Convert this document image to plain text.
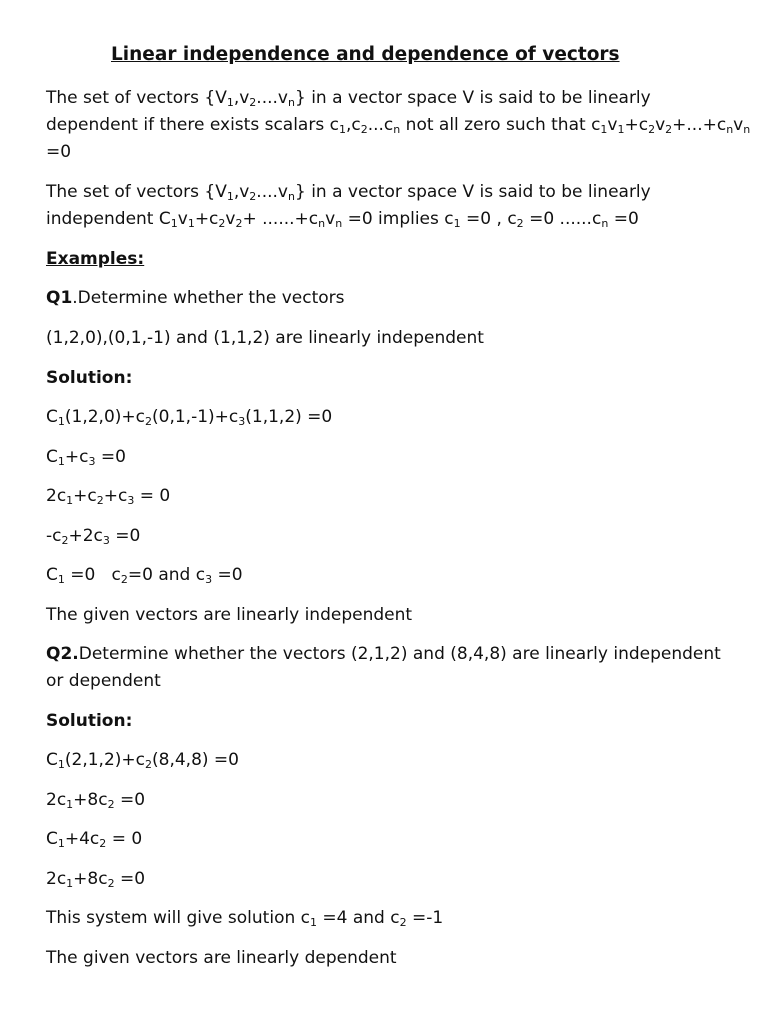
Linear independence and dependence of vectors
The set of vectors $\{V_1,v_2....v_n\}$ in a vector space V is said to be linearly
dependent if there exists scalars $c_1,c_2...c_n$ not all zero such that $c_1v_1+c_2v_2+...+c_nv_n$
=0
The set of vectors $\{V_1,v_2....v_n\}$ in a vector space V is said to be linearly
independent $C_1v_1+c_2v_2+ ......+c_nv_n =0$ implies $c_1 =0$ , $c_2 =0$ $......c_n =0$
Examples:
Q1.Determine whether the vectors
(1,2,0),(0,1,-1) and (1,1,2) are linearly independent
Solution:
$C_1(1,2,0)+c_2(0,1,-1)+c_3(1,1,2) =0$
$C_1+c_3 =0$
$2c_1+c_2+c_3 = 0$
$-c_2+2c_3 =0$
$C_1 =0$   $c_2=0$ and $c_3 =0$
The given vectors are linearly independent
Q2.Determine whether the vectors (2,1,2) and (8,4,8) are linearly independent
or dependent
Solution:
$C_1(2,1,2)+c_2(8,4,8) =0$
$2c_1+8c_2 =0$
$C_1+4c_2 = 0$
$2c_1+8c_2 =0$
This system will give solution $c_1 =4$ and $c_2 =-1$
The given vectors are linearly dependent
